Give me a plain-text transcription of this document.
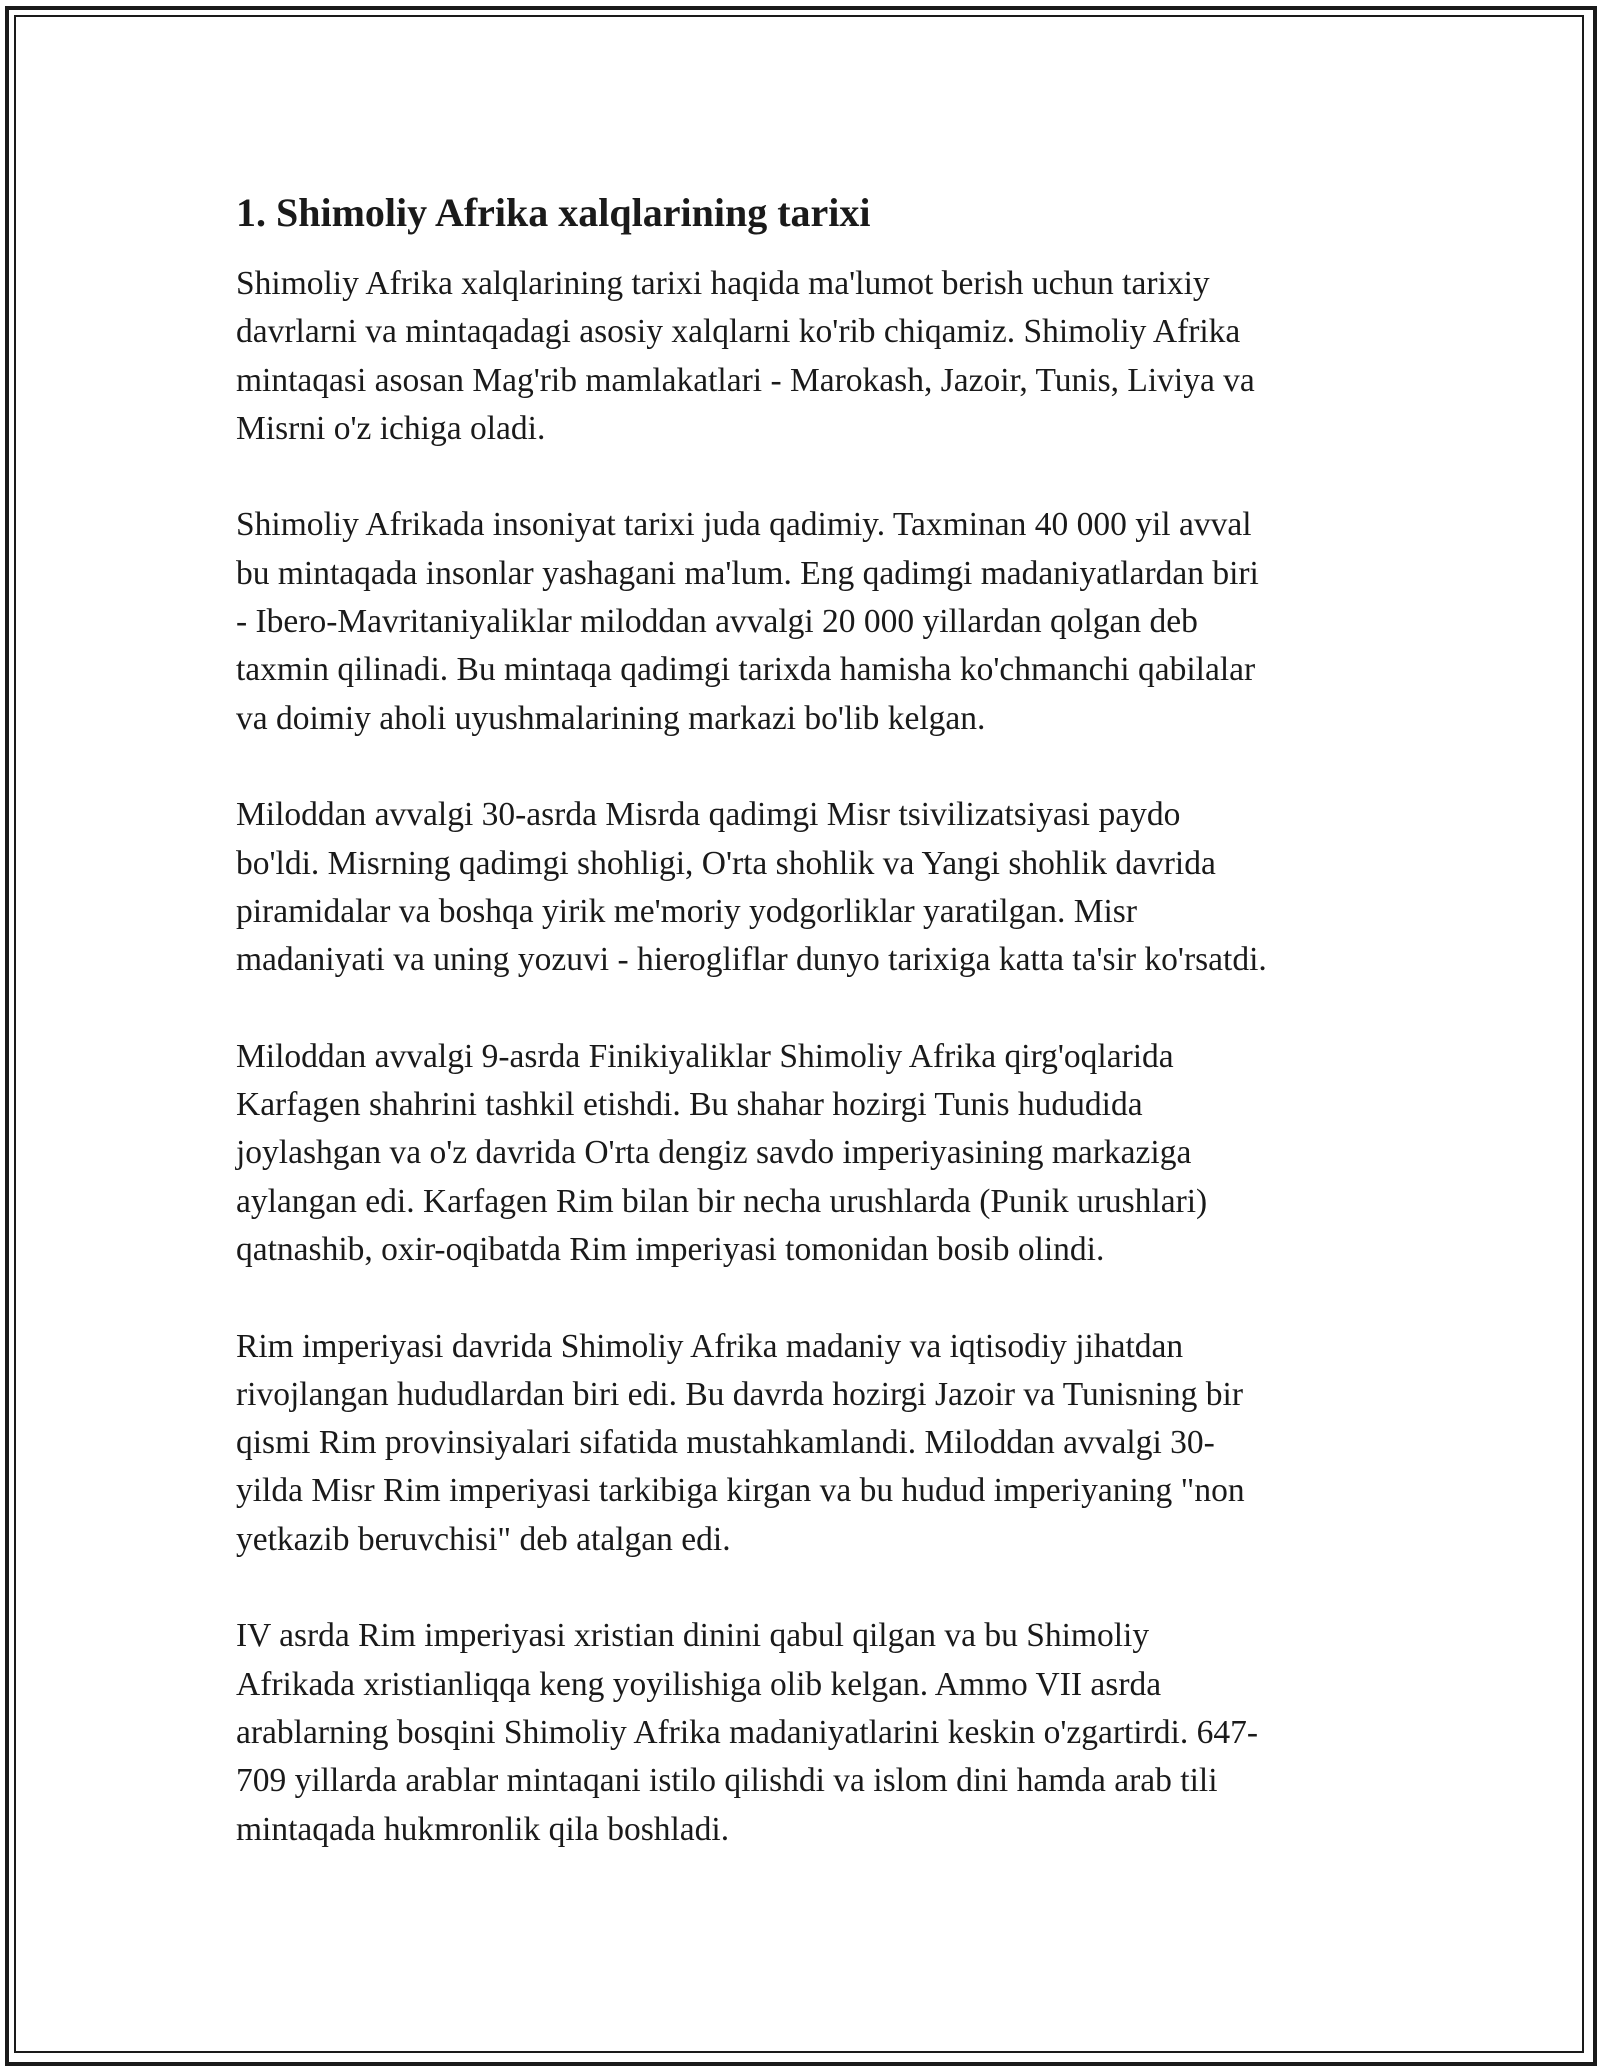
1. Shimoliy Afrika xalqlarining tarixi

Shimoliy Afrika xalqlarining tarixi haqida ma'lumot berish uchun tarixiy
davrlarni va mintaqadagi asosiy xalqlarni ko'rib chiqamiz. Shimoliy Afrika
mintaqasi asosan Mag'rib mamlakatlari - Marokash, Jazoir, Tunis, Liviya va
Misrni o'z ichiga oladi.

Shimoliy Afrikada insoniyat tarixi juda qadimiy. Taxminan 40 000 yil avval
bu mintaqada insonlar yashagani ma'lum. Eng qadimgi madaniyatlardan biri
- Ibero-Mavritaniyaliklar miloddan avvalgi 20 000 yillardan qolgan deb
taxmin qilinadi. Bu mintaqa qadimgi tarixda hamisha ko'chmanchi qabilalar
va doimiy aholi uyushmalarining markazi bo'lib kelgan.

Miloddan avvalgi 30-asrda Misrda qadimgi Misr tsivilizatsiyasi paydo
bo'ldi. Misrning qadimgi shohligi, O'rta shohlik va Yangi shohlik davrida
piramidalar va boshqa yirik me'moriy yodgorliklar yaratilgan. Misr
madaniyati va uning yozuvi - hierogliflar dunyo tarixiga katta ta'sir ko'rsatdi.

Miloddan avvalgi 9-asrda Finikiyaliklar Shimoliy Afrika qirg'oqlarida
Karfagen shahrini tashkil etishdi. Bu shahar hozirgi Tunis hududida
joylashgan va o'z davrida O'rta dengiz savdo imperiyasining markaziga
aylangan edi. Karfagen Rim bilan bir necha urushlarda (Punik urushlari)
qatnashib, oxir-oqibatda Rim imperiyasi tomonidan bosib olindi.

Rim imperiyasi davrida Shimoliy Afrika madaniy va iqtisodiy jihatdan
rivojlangan hududlardan biri edi. Bu davrda hozirgi Jazoir va Tunisning bir
qismi Rim provinsiyalari sifatida mustahkamlandi. Miloddan avvalgi 30-
yilda Misr Rim imperiyasi tarkibiga kirgan va bu hudud imperiyaning "non
yetkazib beruvchisi" deb atalgan edi.

IV asrda Rim imperiyasi xristian dinini qabul qilgan va bu Shimoliy
Afrikada xristianliqqa keng yoyilishiga olib kelgan. Ammo VII asrda
arablarning bosqini Shimoliy Afrika madaniyatlarini keskin o'zgartirdi. 647-
709 yillarda arablar mintaqani istilo qilishdi va islom dini hamda arab tili
mintaqada hukmronlik qila boshladi.
